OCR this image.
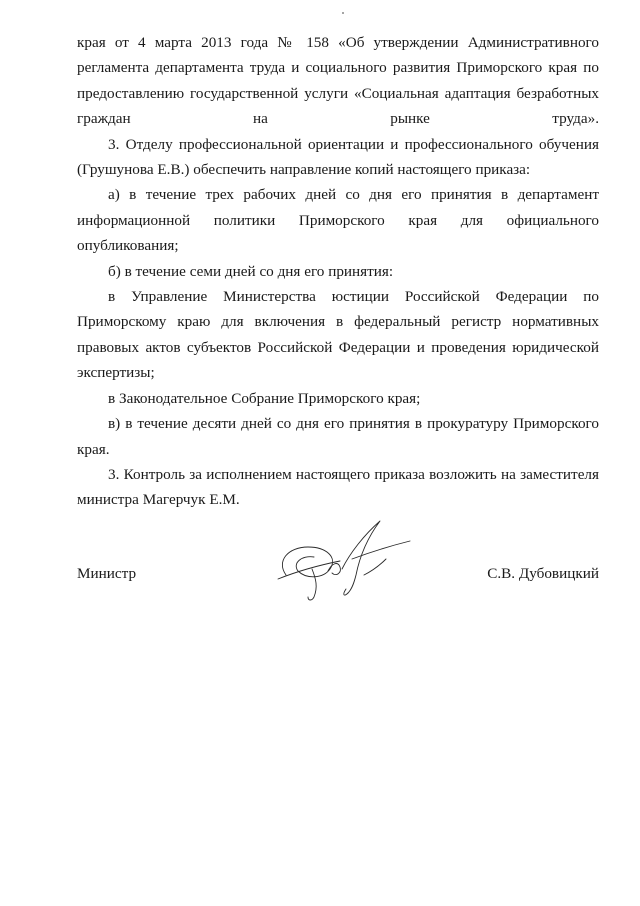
края от 4 марта 2013 года № 158 «Об утверждении Административного регламента департамента труда и социального развития Приморского края по предоставлению государственной услуги «Социальная адаптация безработных граждан на рынке труда».

3. Отделу профессиональной ориентации и профессионального обучения (Грушунова Е.В.) обеспечить направление копий настоящего приказа:

а) в течение трех рабочих дней со дня его принятия в департамент информационной политики Приморского края для официального опубликования;

б) в течение семи дней со дня его принятия:

в Управление Министерства юстиции Российской Федерации по Приморскому краю для включения в федеральный регистр нормативных правовых актов субъектов Российской Федерации и проведения юридической экспертизы;

в Законодательное Собрание Приморского края;

в) в течение десяти дней со дня его принятия в прокуратуру Приморского края.

3. Контроль за исполнением настоящего приказа возложить на заместителя министра Магерчук Е.М.

Министр	С.В. Дубовицкий
